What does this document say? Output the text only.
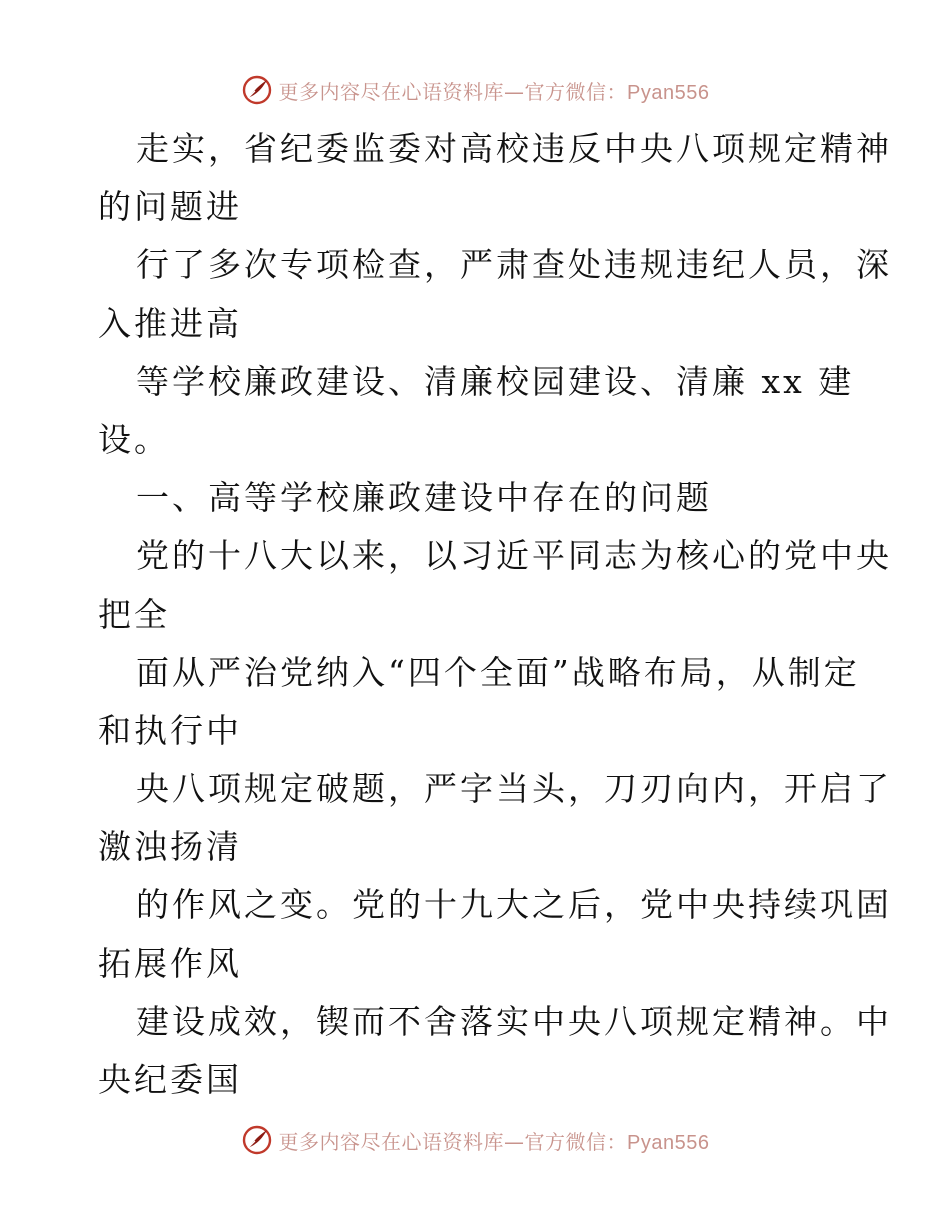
更多内容尽在心语资料库—官方微信：Pyan556
走实，省纪委监委对高校违反中央八项规定精神
的问题进
行了多次专项检查，严肃查处违规违纪人员，深
入推进高
等学校廉政建设、清廉校园建设、清廉 xx 建
设。
一、高等学校廉政建设中存在的问题
党的十八大以来，以习近平同志为核心的党中央
把全
面从严治党纳入“四个全面”战略布局，从制定
和执行中
央八项规定破题，严字当头，刀刃向内，开启了
激浊扬清
的作风之变。党的十九大之后，党中央持续巩固
拓展作风
建设成效，锲而不舍落实中央八项规定精神。中
央纪委国
更多内容尽在心语资料库—官方微信：Pyan556
